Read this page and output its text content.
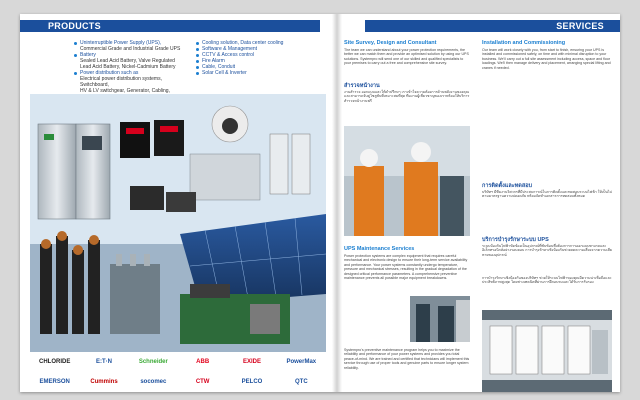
PRODUCTS
Uninterruptible Power Supply (UPS),
Commercial Grade and Industrial Grade UPS
Battery
Sealed Lead Acid Battery, Valve Regulated
Lead Acid Battery, Nickel-Cadmium Battery
Power distribution such as
Electrical power distribution systems, Switchboard,
HV & LV switchgear, Generator, Cabling,
Cooling solution, Data center cooling
Software & Management
CCTV & Access control
Fire Alarm
Cable, Conduit
Solar Cell & Inverter
CHLORIDE	E:T·N	Schneider	ABB	EXIDE	PowerMax
EMERSON	Cummins	socomec	CTW	PELCO	QTC
SERVICES
Site Survey, Design and Consultant
The team we can understand about your power protection requirements, the better we can match them and provide an optimised solution by using our UPS solutions. Systempro will send one of our skilled and qualified specialists to your premises to carry out a free and comprehensive site survey.
สำรวจหน้างาน
งานสำรวจ ออกแบบและให้คำปรึกษา เราเข้าใจความต้องการด้านพลังงานของคุณ และสามารถจับคู่โซลูชันที่เหมาะสมที่สุด ทีมงานผู้เชี่ยวชาญของเราพร้อมให้บริการสำรวจหน้างานฟรี
UPS Maintenance Services
Power protection systems are complex equipment that requires careful mechanical and electronic design to ensure their long-term service availability and performance. Your power systems constantly undergo temperature, pressure and mechanical stresses, resulting in the gradual degradation of the designed critical performance parameters. A comprehensive preventive maintenance prevents all possible major equipment breakdowns.
Systempro's preventive maintenance program helps you to maximize the reliability and performance of your power systems and provides you total peace-of-mind. We are trained and certified that technicians will implement this service through use of proper tools and genuine parts to ensure longer system reliability.
Installation and Commissioning
Our team will work closely with you, from start to finish, ensuring your UPS is installed and commissioned safely, on time and with minimal disruption to your business. We'll carry out a full site assessment including access, space and floor loadings. We'll then manage delivery and placement, arranging special lifting and cranes if needed.
การติดตั้งและทดสอบ
บริษัทฯ มีทีมงานวิศวกรที่มีประสบการณ์ในการติดตั้งและทดสอบระบบไฟฟ้า ให้เป็นไปตามมาตรฐานความปลอดภัย พร้อมจัดทำเอกสารการทดสอบทั้งหมด
บริการบำรุงรักษาระบบ UPS
ระบบป้องกันไฟฟ้าขัดข้องเป็นอุปกรณ์ที่ซับซ้อนซึ่งต้องการการออกแบบทางกลและอิเล็กทรอนิกส์อย่างรอบคอบ การบำรุงรักษาเชิงป้องกันช่วยลดความเสี่ยงจากความเสียหายของอุปกรณ์
การบำรุงรักษาเชิงป้องกันของบริษัทฯ ช่วยให้ระบบไฟฟ้าของคุณมีความน่าเชื่อถือและประสิทธิภาพสูงสุด โดยช่างเทคนิคที่ผ่านการฝึกอบรมและได้รับการรับรอง
